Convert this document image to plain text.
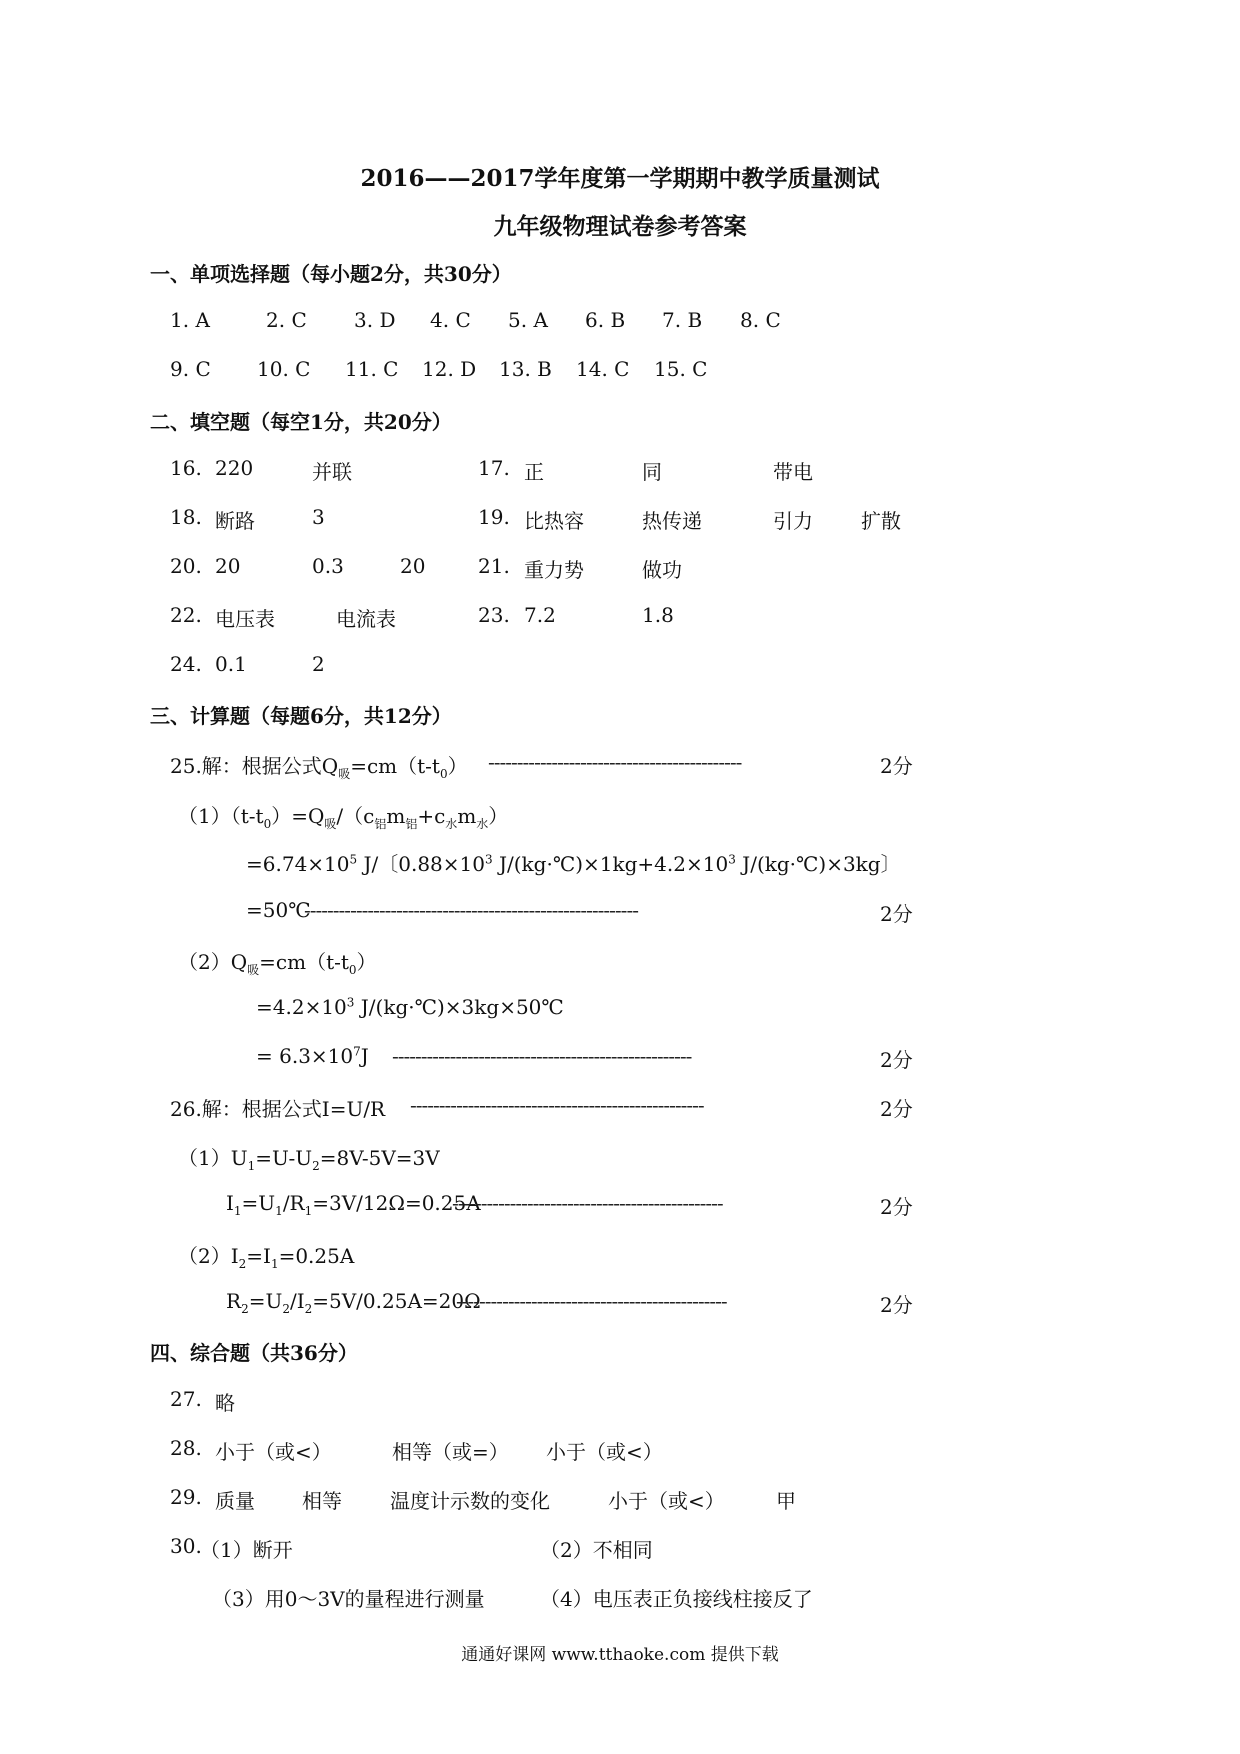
2016——2017学年度第一学期期中教学质量测试
九年级物理试卷参考答案
一、单项选择题（每小题2分，共30分）
1. A	2. C 3. D 4. C 5. A 6. B 7. B 8. C
9. C 10. C 11. C 12. D 13. B 14. C 15. C
二、填空题（每空1分，共20分）
16. 220	并联	17. 正	同	带电
18. 断路	3	19. 比热容	热传递	引力 扩散
20. 20	0.3	20	21. 重力势	做功
22. 电压表	电流表	23. 7.2	1.8
24. 0.1	2
三、计算题（每题6分，共12分）
25.解：根据公式$Q_吸=cm(t-t_0)$ --------------------------------------------	2分
$(1)(t-t_0)=Q_吸/(c_铝m_铝+c_水m_水)$
$=6.74\times 10^5$ J/〔$0.88\times 10^3$ $J/(kg\cdot℃)\times 1kg+4.2\times 10^3$ J/(kg·℃)×3kg〕
=50℃
----------------------------------------------------------	2分
$(2)Q_吸=cm(t-t_0)$
$=4.2\times 10^3$ J/(kg·℃)×3kg×50℃
= $6.3\times 10^7J$ ----------------------------------------------------	2分
26.解：根据公式I=U/R ---------------------------------------------------	2分
$(1)U_1=U-U_2=8V-5V=3V$
$I_1=U_1/R_1=3V/12\Omega=0.25A$
-----------------------------------------------	2分
$(2)I_2=I_1=0.25A$
$R_2=U_2/I_2=5V/0.25A=20\Omega$
-----------------------------------------------	2分
四、综合题（共36分）
27. 略
28. 小于（或<）	相等（或=） 小于（或<）
29. 质量 相等 温度计示数的变化	小于（或<）	甲
30.
（1）断开	（2）不相同
（3）用0～3V的量程进行测量	（4）电压表正负接线柱接反了
通通好课网 www.tthaoke.com 提供下载
